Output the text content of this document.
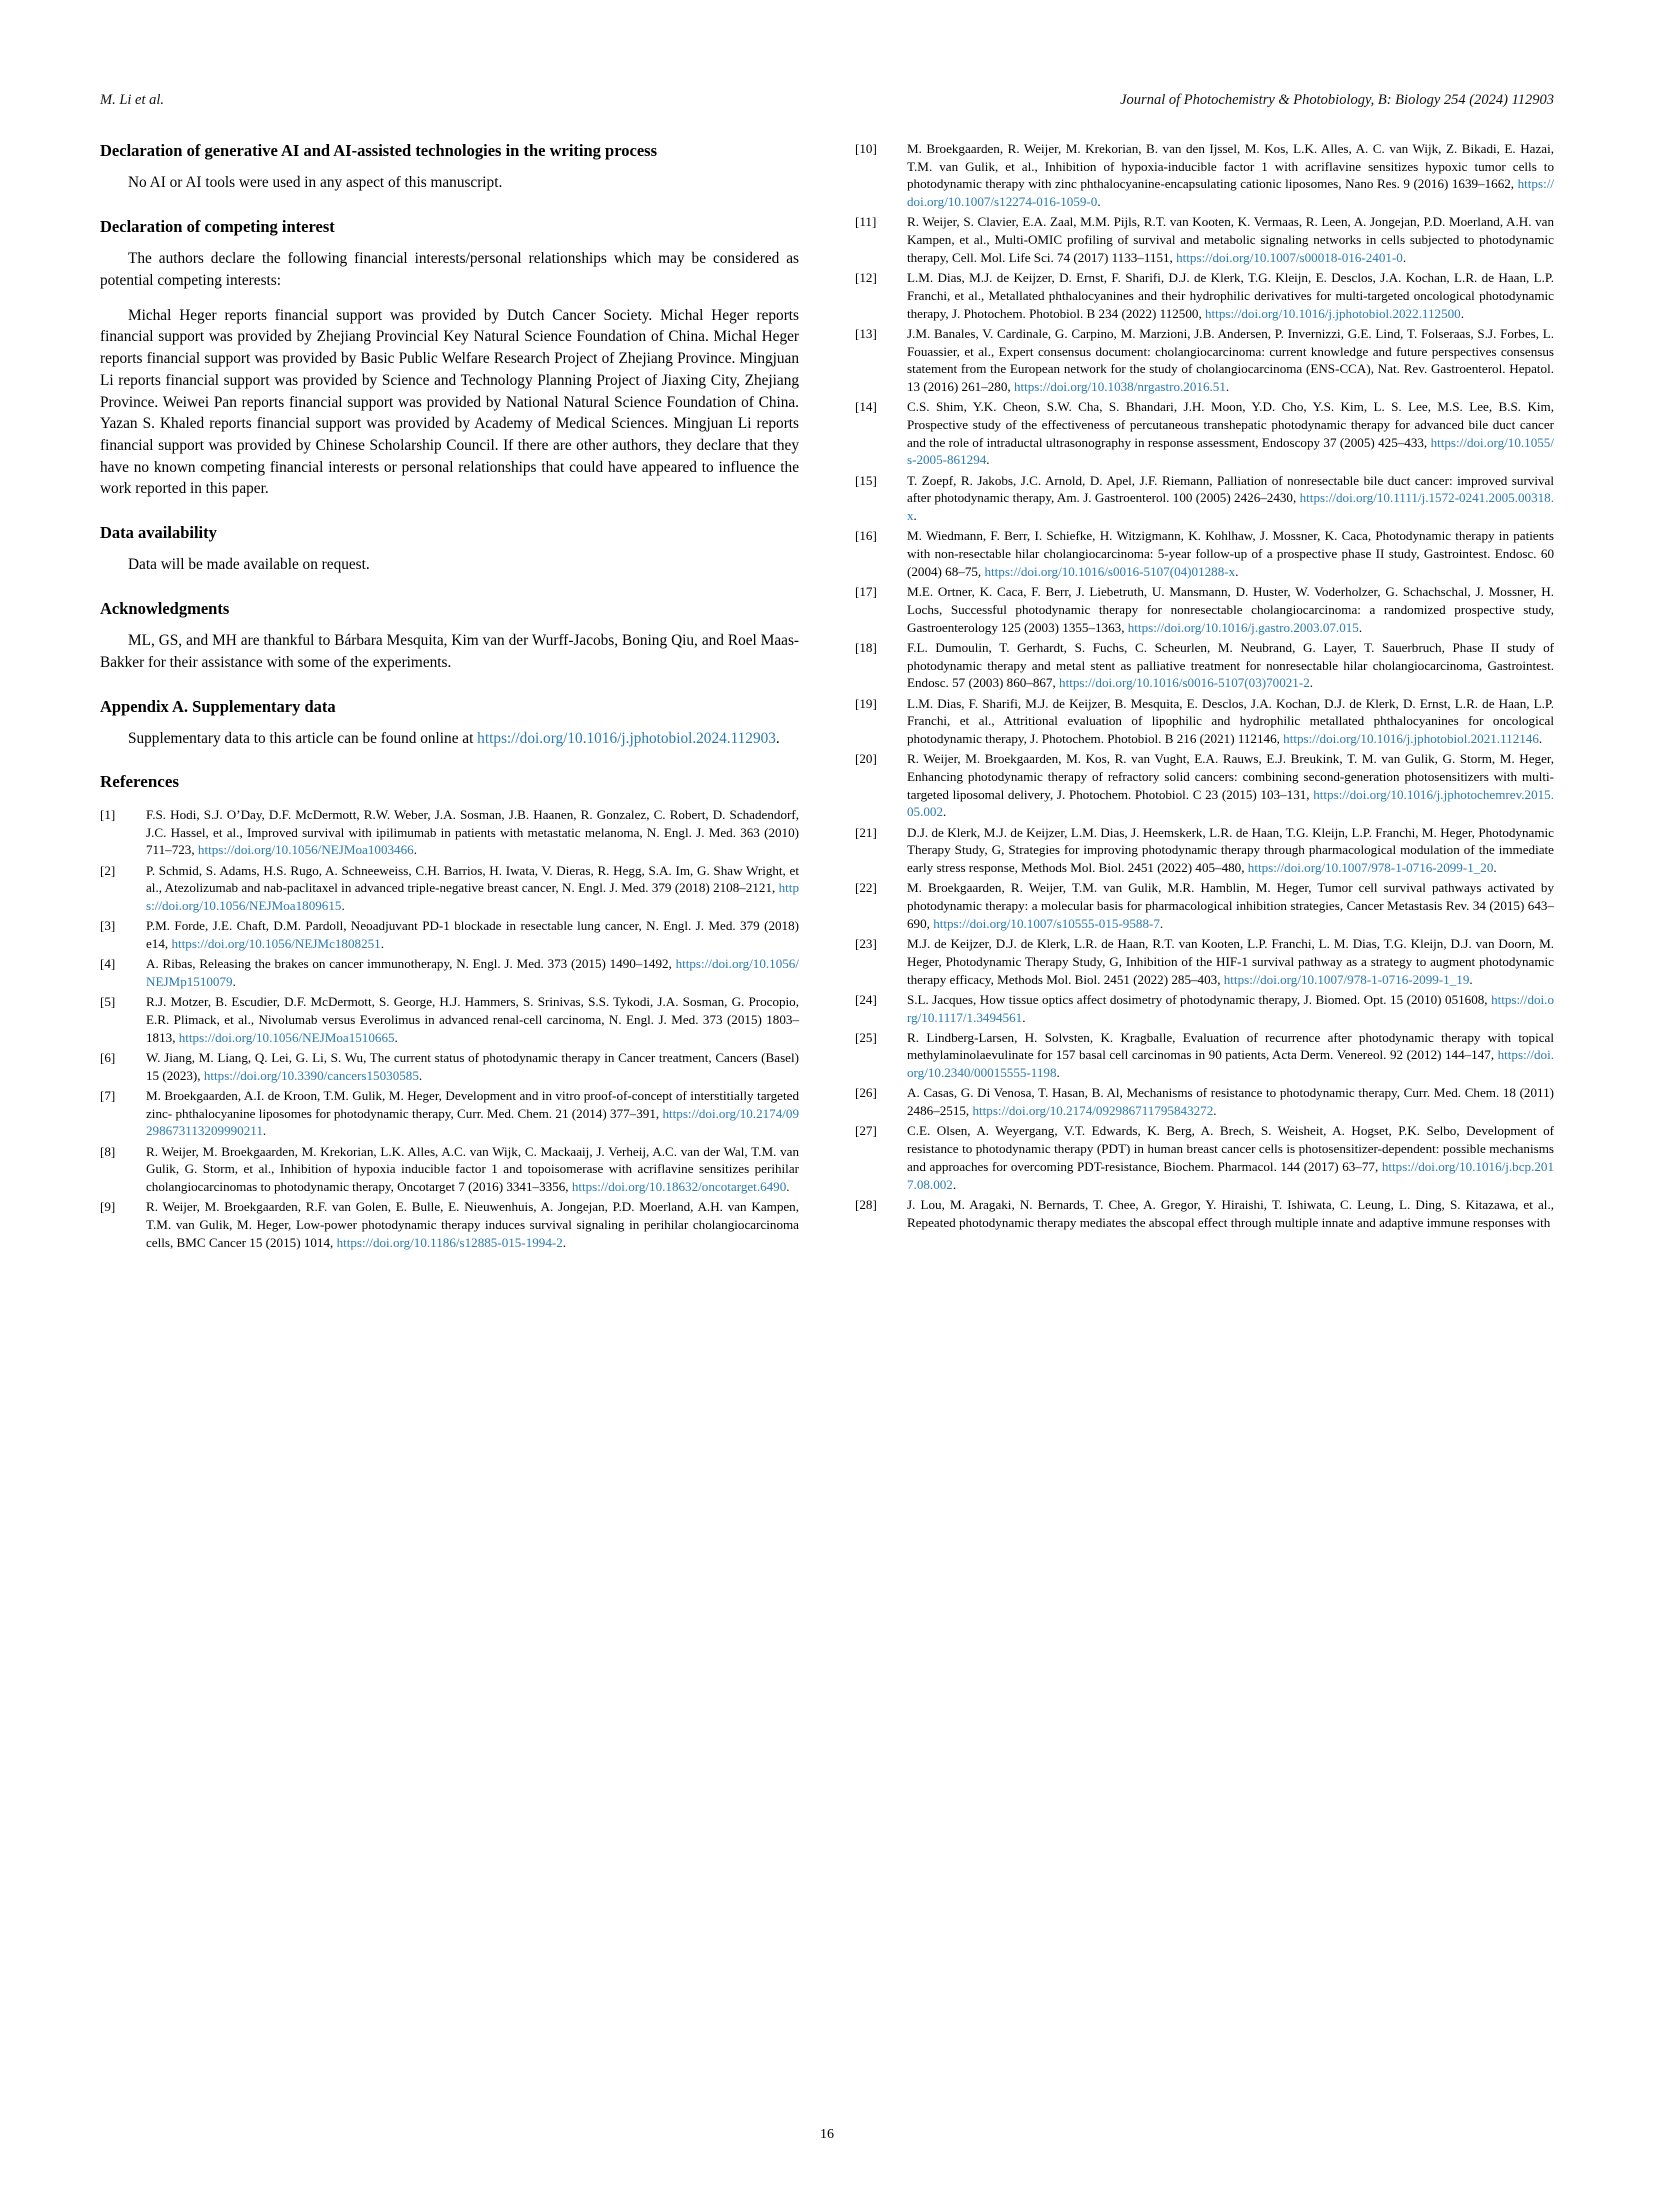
M. Li et al.	Journal of Photochemistry & Photobiology, B: Biology 254 (2024) 112903
Declaration of generative AI and AI-assisted technologies in the writing process

No AI or AI tools were used in any aspect of this manuscript.

Declaration of competing interest

The authors declare the following financial interests/personal relationships which may be considered as potential competing interests:

Michal Heger reports financial support was provided by Dutch Cancer Society. Michal Heger reports financial support was provided by Zhejiang Provincial Key Natural Science Foundation of China. Michal Heger reports financial support was provided by Basic Public Welfare Research Project of Zhejiang Province. Mingjuan Li reports financial support was provided by Science and Technology Planning Project of Jiaxing City, Zhejiang Province. Weiwei Pan reports financial support was provided by National Natural Science Foundation of China. Yazan S. Khaled reports financial support was provided by Academy of Medical Sciences. Mingjuan Li reports financial support was provided by Chinese Scholarship Council. If there are other authors, they declare that they have no known competing financial interests or personal relationships that could have appeared to influence the work reported in this paper.

Data availability

Data will be made available on request.

Acknowledgments

ML, GS, and MH are thankful to Bárbara Mesquita, Kim van der Wurff-Jacobs, Boning Qiu, and Roel Maas-Bakker for their assistance with some of the experiments.

Appendix A. Supplementary data

Supplementary data to this article can be found online at https://doi.org/10.1016/j.jphotobiol.2024.112903.

References
[1]	F.S. Hodi, S.J. O’Day, D.F. McDermott, R.W. Weber, J.A. Sosman, J.B. Haanen, R. Gonzalez, C. Robert, D. Schadendorf, J.C. Hassel, et al., Improved survival with ipilimumab in patients with metastatic melanoma, N. Engl. J. Med. 363 (2010) 711–723, https://doi.org/10.1056/NEJMoa1003466.
[2]	P. Schmid, S. Adams, H.S. Rugo, A. Schneeweiss, C.H. Barrios, H. Iwata, V. Dieras, R. Hegg, S.A. Im, G. Shaw Wright, et al., Atezolizumab and nab-paclitaxel in advanced triple-negative breast cancer, N. Engl. J. Med. 379 (2018) 2108–2121, https://doi.org/10.1056/NEJMoa1809615.
[3]	P.M. Forde, J.E. Chaft, D.M. Pardoll, Neoadjuvant PD-1 blockade in resectable lung cancer, N. Engl. J. Med. 379 (2018) e14, https://doi.org/10.1056/NEJMc1808251.
[4]	A. Ribas, Releasing the brakes on cancer immunotherapy, N. Engl. J. Med. 373 (2015) 1490–1492, https://doi.org/10.1056/NEJMp1510079.
[5]	R.J. Motzer, B. Escudier, D.F. McDermott, S. George, H.J. Hammers, S. Srinivas, S.S. Tykodi, J.A. Sosman, G. Procopio, E.R. Plimack, et al., Nivolumab versus Everolimus in advanced renal-cell carcinoma, N. Engl. J. Med. 373 (2015) 1803–1813, https://doi.org/10.1056/NEJMoa1510665.
[6]	W. Jiang, M. Liang, Q. Lei, G. Li, S. Wu, The current status of photodynamic therapy in Cancer treatment, Cancers (Basel) 15 (2023), https://doi.org/10.3390/cancers15030585.
[7]	M. Broekgaarden, A.I. de Kroon, T.M. Gulik, M. Heger, Development and in vitro proof-of-concept of interstitially targeted zinc- phthalocyanine liposomes for photodynamic therapy, Curr. Med. Chem. 21 (2014) 377–391, https://doi.org/10.2174/09298673113209990211.
[8]	R. Weijer, M. Broekgaarden, M. Krekorian, L.K. Alles, A.C. van Wijk, C. Mackaaij, J. Verheij, A.C. van der Wal, T.M. van Gulik, G. Storm, et al., Inhibition of hypoxia inducible factor 1 and topoisomerase with acriflavine sensitizes perihilar cholangiocarcinomas to photodynamic therapy, Oncotarget 7 (2016) 3341–3356, https://doi.org/10.18632/oncotarget.6490.
[9]	R. Weijer, M. Broekgaarden, R.F. van Golen, E. Bulle, E. Nieuwenhuis, A. Jongejan, P.D. Moerland, A.H. van Kampen, T.M. van Gulik, M. Heger, Low-power photodynamic therapy induces survival signaling in perihilar cholangiocarcinoma cells, BMC Cancer 15 (2015) 1014, https://doi.org/10.1186/s12885-015-1994-2.
[10]	M. Broekgaarden, R. Weijer, M. Krekorian, B. van den Ijssel, M. Kos, L.K. Alles, A. C. van Wijk, Z. Bikadi, E. Hazai, T.M. van Gulik, et al., Inhibition of hypoxia-inducible factor 1 with acriflavine sensitizes hypoxic tumor cells to photodynamic therapy with zinc phthalocyanine-encapsulating cationic liposomes, Nano Res. 9 (2016) 1639–1662, https://doi.org/10.1007/s12274-016-1059-0.
[11]	R. Weijer, S. Clavier, E.A. Zaal, M.M. Pijls, R.T. van Kooten, K. Vermaas, R. Leen, A. Jongejan, P.D. Moerland, A.H. van Kampen, et al., Multi-OMIC profiling of survival and metabolic signaling networks in cells subjected to photodynamic therapy, Cell. Mol. Life Sci. 74 (2017) 1133–1151, https://doi.org/10.1007/s00018-016-2401-0.
[12]	L.M. Dias, M.J. de Keijzer, D. Ernst, F. Sharifi, D.J. de Klerk, T.G. Kleijn, E. Desclos, J.A. Kochan, L.R. de Haan, L.P. Franchi, et al., Metallated phthalocyanines and their hydrophilic derivatives for multi-targeted oncological photodynamic therapy, J. Photochem. Photobiol. B 234 (2022) 112500, https://doi.org/10.1016/j.jphotobiol.2022.112500.
[13]	J.M. Banales, V. Cardinale, G. Carpino, M. Marzioni, J.B. Andersen, P. Invernizzi, G.E. Lind, T. Folseraas, S.J. Forbes, L. Fouassier, et al., Expert consensus document: cholangiocarcinoma: current knowledge and future perspectives consensus statement from the European network for the study of cholangiocarcinoma (ENS-CCA), Nat. Rev. Gastroenterol. Hepatol. 13 (2016) 261–280, https://doi.org/10.1038/nrgastro.2016.51.
[14]	C.S. Shim, Y.K. Cheon, S.W. Cha, S. Bhandari, J.H. Moon, Y.D. Cho, Y.S. Kim, L. S. Lee, M.S. Lee, B.S. Kim, Prospective study of the effectiveness of percutaneous transhepatic photodynamic therapy for advanced bile duct cancer and the role of intraductal ultrasonography in response assessment, Endoscopy 37 (2005) 425–433, https://doi.org/10.1055/s-2005-861294.
[15]	T. Zoepf, R. Jakobs, J.C. Arnold, D. Apel, J.F. Riemann, Palliation of nonresectable bile duct cancer: improved survival after photodynamic therapy, Am. J. Gastroenterol. 100 (2005) 2426–2430, https://doi.org/10.1111/j.1572-0241.2005.00318.x.
[16]	M. Wiedmann, F. Berr, I. Schiefke, H. Witzigmann, K. Kohlhaw, J. Mossner, K. Caca, Photodynamic therapy in patients with non-resectable hilar cholangiocarcinoma: 5-year follow-up of a prospective phase II study, Gastrointest. Endosc. 60 (2004) 68–75, https://doi.org/10.1016/s0016-5107(04)01288-x.
[17]	M.E. Ortner, K. Caca, F. Berr, J. Liebetruth, U. Mansmann, D. Huster, W. Voderholzer, G. Schachschal, J. Mossner, H. Lochs, Successful photodynamic therapy for nonresectable cholangiocarcinoma: a randomized prospective study, Gastroenterology 125 (2003) 1355–1363, https://doi.org/10.1016/j.gastro.2003.07.015.
[18]	F.L. Dumoulin, T. Gerhardt, S. Fuchs, C. Scheurlen, M. Neubrand, G. Layer, T. Sauerbruch, Phase II study of photodynamic therapy and metal stent as palliative treatment for nonresectable hilar cholangiocarcinoma, Gastrointest. Endosc. 57 (2003) 860–867, https://doi.org/10.1016/s0016-5107(03)70021-2.
[19]	L.M. Dias, F. Sharifi, M.J. de Keijzer, B. Mesquita, E. Desclos, J.A. Kochan, D.J. de Klerk, D. Ernst, L.R. de Haan, L.P. Franchi, et al., Attritional evaluation of lipophilic and hydrophilic metallated phthalocyanines for oncological photodynamic therapy, J. Photochem. Photobiol. B 216 (2021) 112146, https://doi.org/10.1016/j.jphotobiol.2021.112146.
[20]	R. Weijer, M. Broekgaarden, M. Kos, R. van Vught, E.A. Rauws, E.J. Breukink, T. M. van Gulik, G. Storm, M. Heger, Enhancing photodynamic therapy of refractory solid cancers: combining second-generation photosensitizers with multi-targeted liposomal delivery, J. Photochem. Photobiol. C 23 (2015) 103–131, https://doi.org/10.1016/j.jphotochemrev.2015.05.002.
[21]	D.J. de Klerk, M.J. de Keijzer, L.M. Dias, J. Heemskerk, L.R. de Haan, T.G. Kleijn, L.P. Franchi, M. Heger, Photodynamic Therapy Study, G, Strategies for improving photodynamic therapy through pharmacological modulation of the immediate early stress response, Methods Mol. Biol. 2451 (2022) 405–480, https://doi.org/10.1007/978-1-0716-2099-1_20.
[22]	M. Broekgaarden, R. Weijer, T.M. van Gulik, M.R. Hamblin, M. Heger, Tumor cell survival pathways activated by photodynamic therapy: a molecular basis for pharmacological inhibition strategies, Cancer Metastasis Rev. 34 (2015) 643–690, https://doi.org/10.1007/s10555-015-9588-7.
[23]	M.J. de Keijzer, D.J. de Klerk, L.R. de Haan, R.T. van Kooten, L.P. Franchi, L. M. Dias, T.G. Kleijn, D.J. van Doorn, M. Heger, Photodynamic Therapy Study, G, Inhibition of the HIF-1 survival pathway as a strategy to augment photodynamic therapy efficacy, Methods Mol. Biol. 2451 (2022) 285–403, https://doi.org/10.1007/978-1-0716-2099-1_19.
[24]	S.L. Jacques, How tissue optics affect dosimetry of photodynamic therapy, J. Biomed. Opt. 15 (2010) 051608, https://doi.org/10.1117/1.3494561.
[25]	R. Lindberg-Larsen, H. Solvsten, K. Kragballe, Evaluation of recurrence after photodynamic therapy with topical methylaminolaevulinate for 157 basal cell carcinomas in 90 patients, Acta Derm. Venereol. 92 (2012) 144–147, https://doi.org/10.2340/00015555-1198.
[26]	A. Casas, G. Di Venosa, T. Hasan, B. Al, Mechanisms of resistance to photodynamic therapy, Curr. Med. Chem. 18 (2011) 2486–2515, https://doi.org/10.2174/092986711795843272.
[27]	C.E. Olsen, A. Weyergang, V.T. Edwards, K. Berg, A. Brech, S. Weisheit, A. Hogset, P.K. Selbo, Development of resistance to photodynamic therapy (PDT) in human breast cancer cells is photosensitizer-dependent: possible mechanisms and approaches for overcoming PDT-resistance, Biochem. Pharmacol. 144 (2017) 63–77, https://doi.org/10.1016/j.bcp.2017.08.002.
[28]	J. Lou, M. Aragaki, N. Bernards, T. Chee, A. Gregor, Y. Hiraishi, T. Ishiwata, C. Leung, L. Ding, S. Kitazawa, et al., Repeated photodynamic therapy mediates the abscopal effect through multiple innate and adaptive immune responses with
16
